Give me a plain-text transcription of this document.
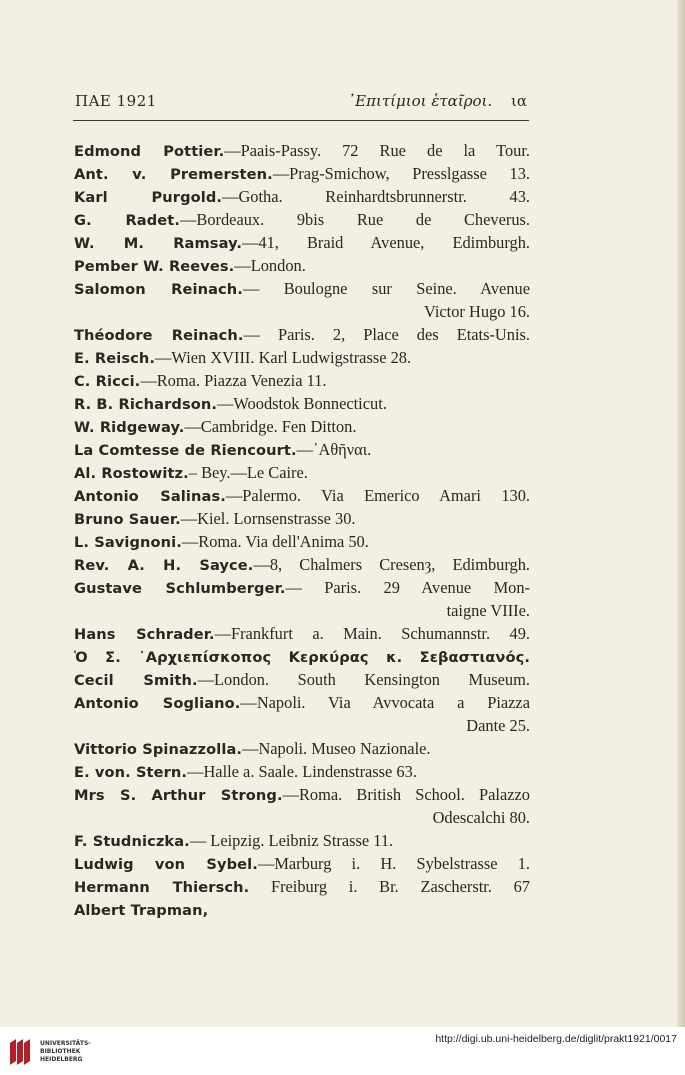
ΠΑΕ 1921	᾿Επιτίμιοι ἑταῖροι. ια
Edmond Pottier.—Paais-Passy. 72 Rue de la Tour.
Ant. v. Premersten.—Prag-Smichow, Presslgasse 13.
Karl Purgold.—Gotha. Reinhardtsbrunnerstr. 43.
G. Radet.—Bordeaux. 9bis Rue de Cheverus.
W. M. Ramsay.—41, Braid Avenue, Edimburgh.
Pember W. Reeves.—London.
Salomon Reinach.— Boulogne sur Seine. Avenue
Victor Hugo 16.
Théodore Reinach.— Paris. 2, Place des Etats-Unis.
E. Reisch.—Wien XVIII. Karl Ludwigstrasse 28.
C. Ricci.—Roma. Piazza Venezia 11.
R. B. Richardson.—Woodstok Bonnecticut.
W. Ridgeway.—Cambridge. Fen Ditton.
La Comtesse de Riencourt.—᾿Αθῆναι.
Al. Rostowitz.– Bey.—Le Caire.
Antonio Salinas.—Palermo. Via Emerico Amari 130.
Bruno Sauer.—Kiel. Lornsenstrasse 30.
L. Savignoni.—Roma. Via dell'Anima 50.
Rev. A. H. Sayce.—8, Chalmers Cresenȝ, Edimburgh.
Gustave Schlumberger.— Paris. 29 Avenue Mon-
taigne VIIIe.
Hans Schrader.—Frankfurt a. Main. Schumannstr. 49.
Ὁ Σ. ᾿Αρχιεπίσκοπος Κερκύρας κ. Σεβαστιανός.
Cecil Smith.—London. South Kensington Museum.
Antonio Sogliano.—Napoli. Via Avvocata a Piazza
Dante 25.
Vittorio Spinazzolla.—Napoli. Museo Nazionale.
E. von. Stern.—Halle a. Saale. Lindenstrasse 63.
Mrs S. Arthur Strong.—Roma. British School. Palazzo
Odescalchi 80.
F. Studniczka.— Leipzig. Leibniz Strasse 11.
Ludwig von Sybel.—Marburg i. H. Sybelstrasse 1.
Hermann Thiersch. Freiburg i. Br. Zascherstr. 67
Albert Trapman,
UNIVERSITÄTS-
BIBLIOTHEK
HEIDELBERG
http://digi.ub.uni-heidelberg.de/diglit/prakt1921/0017
